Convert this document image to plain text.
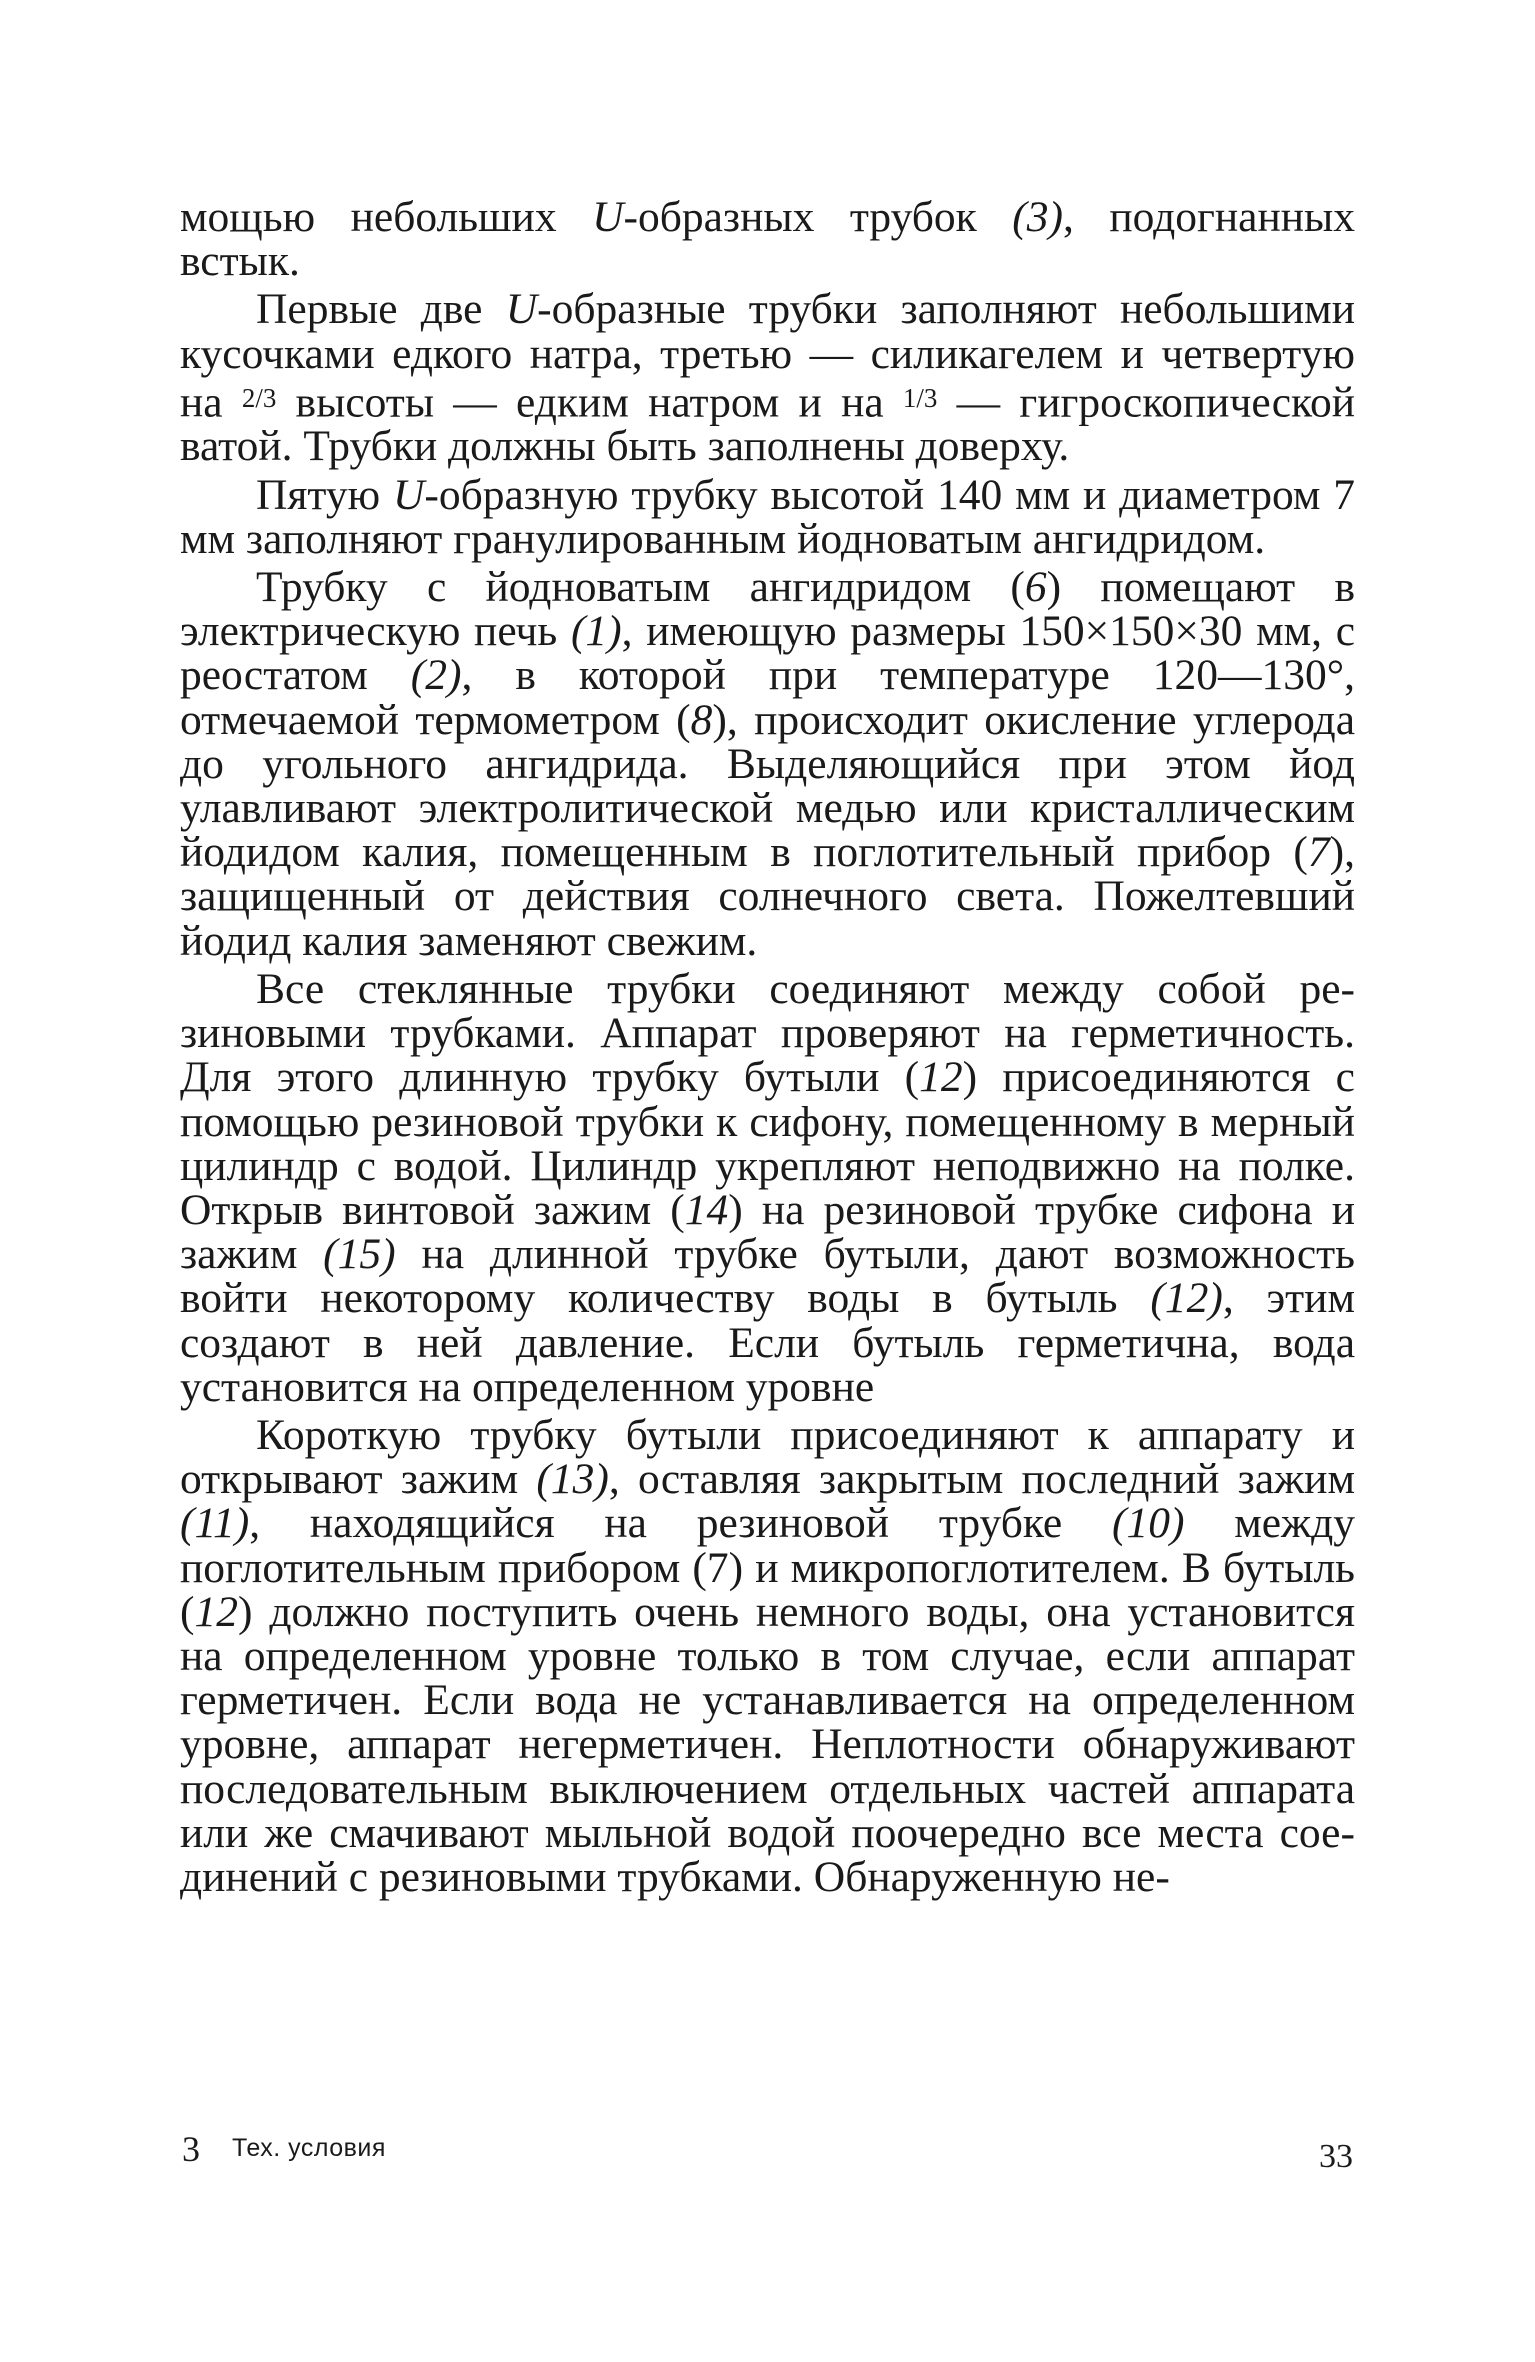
мощью небольших U-образных трубок (3), подогнанных встык.

Первые две U-образные трубки заполняют небольшими кусочками едкого натра, третью — силикагелем и четвертую на $^{2/3}$ высоты — едким натром и на $^{1/3}$ — гигроскопической ватой. Трубки должны быть заполнены доверху.

Пятую U-образную трубку высотой 140 мм и диаметром 7 мм заполняют гранулированным йодноватым ангидридом.

Трубку с йодноватым ангидридом (6) помещают в электрическую печь (1), имеющую размеры 150×150×30 мм, с реостатом (2), в которой при температуре 120—130°, отмечаемой термометром (8), происходит окисление углерода до угольного ангидрида. Выделяющийся при этом йод улавливают электролитической медью или кристаллическим йодидом калия, помещенным в поглотительный прибор (7), защищенный от действия солнечного света. Пожелтевший йодид калия заменяют свежим.

Все стеклянные трубки соединяют между собой резиновыми трубками. Аппарат проверяют на герметичность. Для этого длинную трубку бутыли (12) присоединяются с помощью резиновой трубки к сифону, помещенному в мерный цилиндр с водой. Цилиндр укрепляют неподвижно на полке. Открыв винтовой зажим (14) на резиновой трубке сифона и зажим (15) на длинной трубке бутыли, дают возможность войти некоторому количеству воды в бутыль (12), этим создают в ней давление. Если бутыль герметична, вода установится на определенном уровне

Короткую трубку бутыли присоединяют к аппарату и открывают зажим (13), оставляя закрытым последний зажим (11), находящийся на резиновой трубке (10) между поглотительным прибором (7) и микропоглотителем. В бутыль (12) должно поступить очень немного воды, она установится на определенном уровне только в том случае, если аппарат герметичен. Если вода не устанавливается на определенном уровне, аппарат негерметичен. Неплотности обнаруживают последовательным выключением отдельных частей аппарата или же смачивают мыльной водой поочередно все места соединений с резиновыми трубками. Обнаруженную не-

3 Тех. условия	33
